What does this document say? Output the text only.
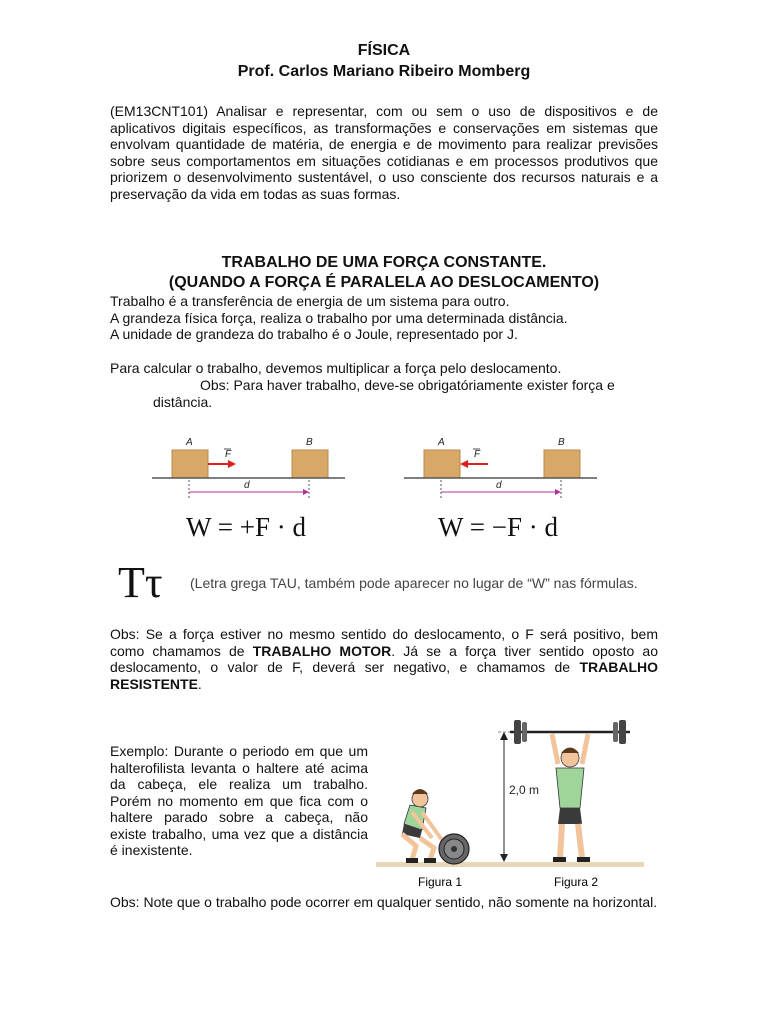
FÍSICA
Prof. Carlos Mariano Ribeiro Momberg
(EM13CNT101) Analisar e representar, com ou sem o uso de dispositivos e de aplicativos digitais específicos, as transformações e conservações em sistemas que envolvam quantidade de matéria, de energia e de movimento para realizar previsões sobre seus comportamentos em situações cotidianas e em processos produtivos que priorizem o desenvolvimento sustentável, o uso consciente dos recursos naturais e a preservação da vida em todas as suas formas.
TRABALHO DE UMA FORÇA CONSTANTE.
(QUANDO A FORÇA É PARALELA AO DESLOCAMENTO)
Trabalho é a transferência de energia de um sistema para outro.
A grandeza física força, realiza o trabalho por uma determinada distância.
A unidade de grandeza do trabalho é o Joule, representado por J.
Para calcular o trabalho, devemos multiplicar a força pelo deslocamento.
Obs: Para haver trabalho, deve-se obrigatóriamente exister força e
distância.
A	B
F
d
W = +F · d
A	B
F
d
W = −F · d
Tτ (Letra grega TAU, também pode aparecer no lugar de “W” nas fórmulas.
Obs: Se a força estiver no mesmo sentido do deslocamento, o F será positivo, bem como chamamos de TRABALHO MOTOR. Já se a força tiver sentido oposto ao deslocamento, o valor de F, deverá ser negativo, e chamamos de TRABALHO RESISTENTE.
Exemplo: Durante o periodo em que um halterofilista levanta o haltere até acima da cabeça, ele realiza um trabalho. Porém no momento em que fica com o haltere parado sobre a cabeça, não existe trabalho, uma vez que a distância é inexistente.
2,0 m
Figura 1	Figura 2
Obs: Note que o trabalho pode ocorrer em qualquer sentido, não somente na horizontal.
